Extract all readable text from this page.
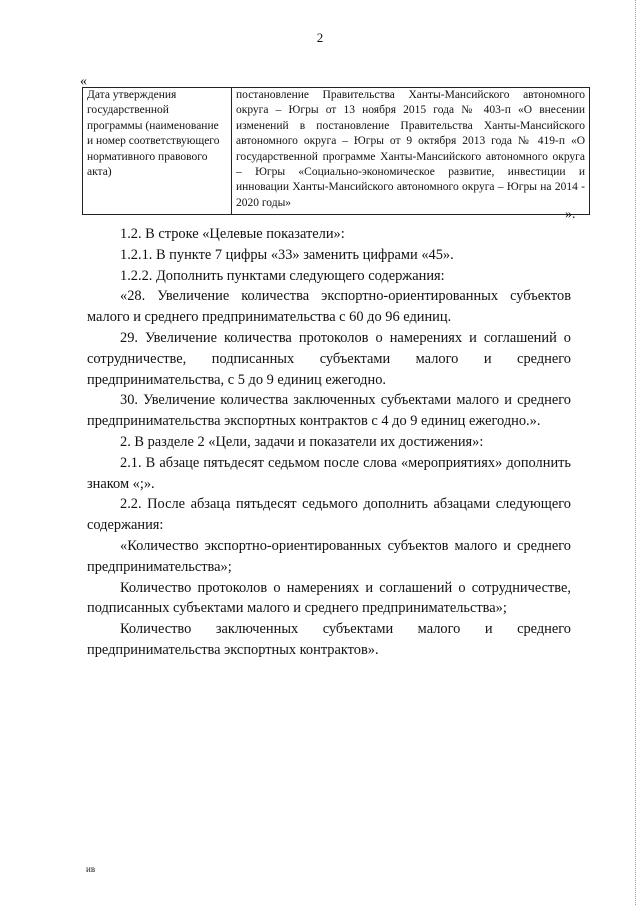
2
«
Дата утверждения государственной программы (наименование и номер соответствующего нормативного правового акта)	постановление Правительства Ханты-Мансийского автономного округа – Югры от 13 ноября 2015 года № 403-п «О внесении изменений в постановление Правительства Ханты-Мансийского автономного округа – Югры от 9 октября 2013 года № 419-п «О государственной программе Ханты-Мансийского автономного округа – Югры «Социально-экономическое развитие, инвестиции и инновации Ханты-Мансийского автономного округа – Югры на 2014 - 2020 годы»
».

1.2. В строке «Целевые показатели»:

1.2.1. В пункте 7 цифры «33» заменить цифрами «45».

1.2.2. Дополнить пунктами следующего содержания:

«28. Увеличение количества экспортно-ориентированных субъектов малого и среднего предпринимательства с 60 до 96 единиц.

29. Увеличение количества протоколов о намерениях и соглашений о сотрудничестве, подписанных субъектами малого и среднего предпринимательства, с 5 до 9 единиц ежегодно.

30. Увеличение количества заключенных субъектами малого и среднего предпринимательства экспортных контрактов с 4 до 9 единиц ежегодно.».

2. В разделе 2 «Цели, задачи и показатели их достижения»:

2.1. В абзаце пятьдесят седьмом после слова «мероприятиях» дополнить знаком «;».

2.2. После абзаца пятьдесят седьмого дополнить абзацами следующего содержания:

«Количество экспортно-ориентированных субъектов малого и среднего предпринимательства»;

Количество протоколов о намерениях и соглашений о сотрудничестве, подписанных субъектами малого и среднего предпринимательства»;

Количество заключенных субъектами малого и среднего предпринимательства экспортных контрактов».

ив
